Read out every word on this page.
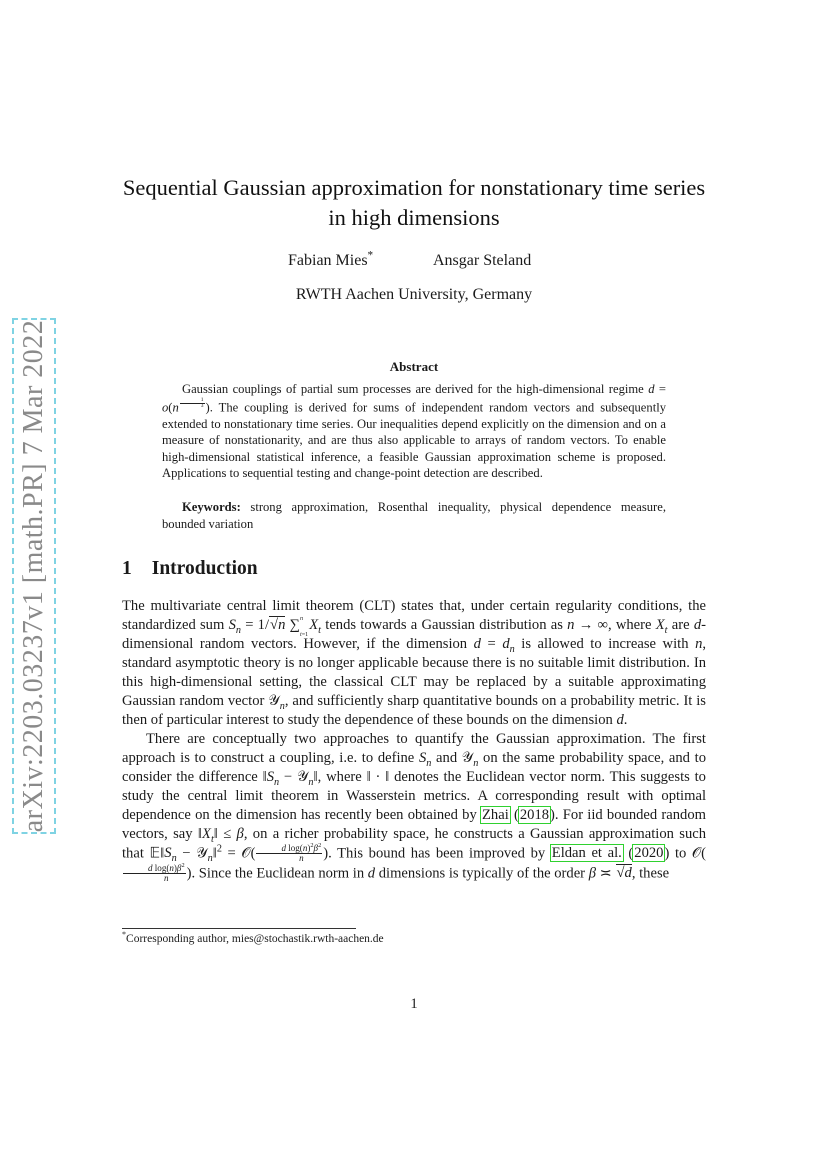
arXiv:2203.03237v1 [math.PR] 7 Mar 2022
Sequential Gaussian approximation for nonstationary time series in high dimensions
Fabian Mies*	Ansgar Steland
RWTH Aachen University, Germany
Abstract
Gaussian couplings of partial sum processes are derived for the high-dimensional regime d = o(n $^{\frac{1}{3}}$ ). The coupling is derived for sums of independent random vectors and subsequently extended to nonstationary time series. Our inequalities depend explicitly on the dimension and on a measure of nonstationarity, and are thus also applicable to arrays of random vectors. To enable high-dimensional statistical inference, a feasible Gaussian approximation scheme is proposed. Applications to sequential testing and change-point detection are described.
Keywords: strong approximation, Rosenthal inequality, physical dependence measure, bounded variation
1 Introduction

The multivariate central limit theorem (CLT) states that, under certain regularity conditions, the standardized sum $S_n = 1/√n$ ∑$^n$
$_{t=1}X_t$ tends towards a Gaussian distribution as n → ∞, where $X_t$ are d-dimensional random vectors. However, if the dimension $d = d_n$ is allowed to increase with n, standard asymptotic theory is no longer applicable because there is no suitable limit distribution. In this high-dimensional setting, the classical CLT may be replaced by a suitable approximating Gaussian random vector 𝒴$_n$, and sufficiently sharp quantitative bounds on a probability metric. It is then of particular interest to study the dependence of these bounds on the dimension d.

There are conceptually two approaches to quantify the Gaussian approximation. The first approach is to construct a coupling, i.e. to define $S_n$ and 𝒴$_n$ on the same probability space, and to consider the difference $‖S_n$ − 𝒴$_n$‖, where ‖ · ‖ denotes the Euclidean vector norm. This suggests to study the central limit theorem in Wasserstein metrics. A corresponding result with optimal dependence on the dimension has recently been obtained by Zhai (2018). For iid bounded random vectors, say $‖X_t‖ \le \beta$, on a richer probability space, he constructs a Gaussian approximation such that $𝔼‖S_n$ − 𝒴$_n$‖$^2$ = 𝒪( $\frac{d \log(n)^2\beta^2}{n}$ ). This bound has been improved by Eldan et al. (2020) to 𝒪(
$\frac{d \log(n)\beta^2}{n}$ ). Since the Euclidean norm in d dimensions is typically of the order β ≍ √d, these

*Corresponding author, mies@stochastik.rwth-aachen.de
1
